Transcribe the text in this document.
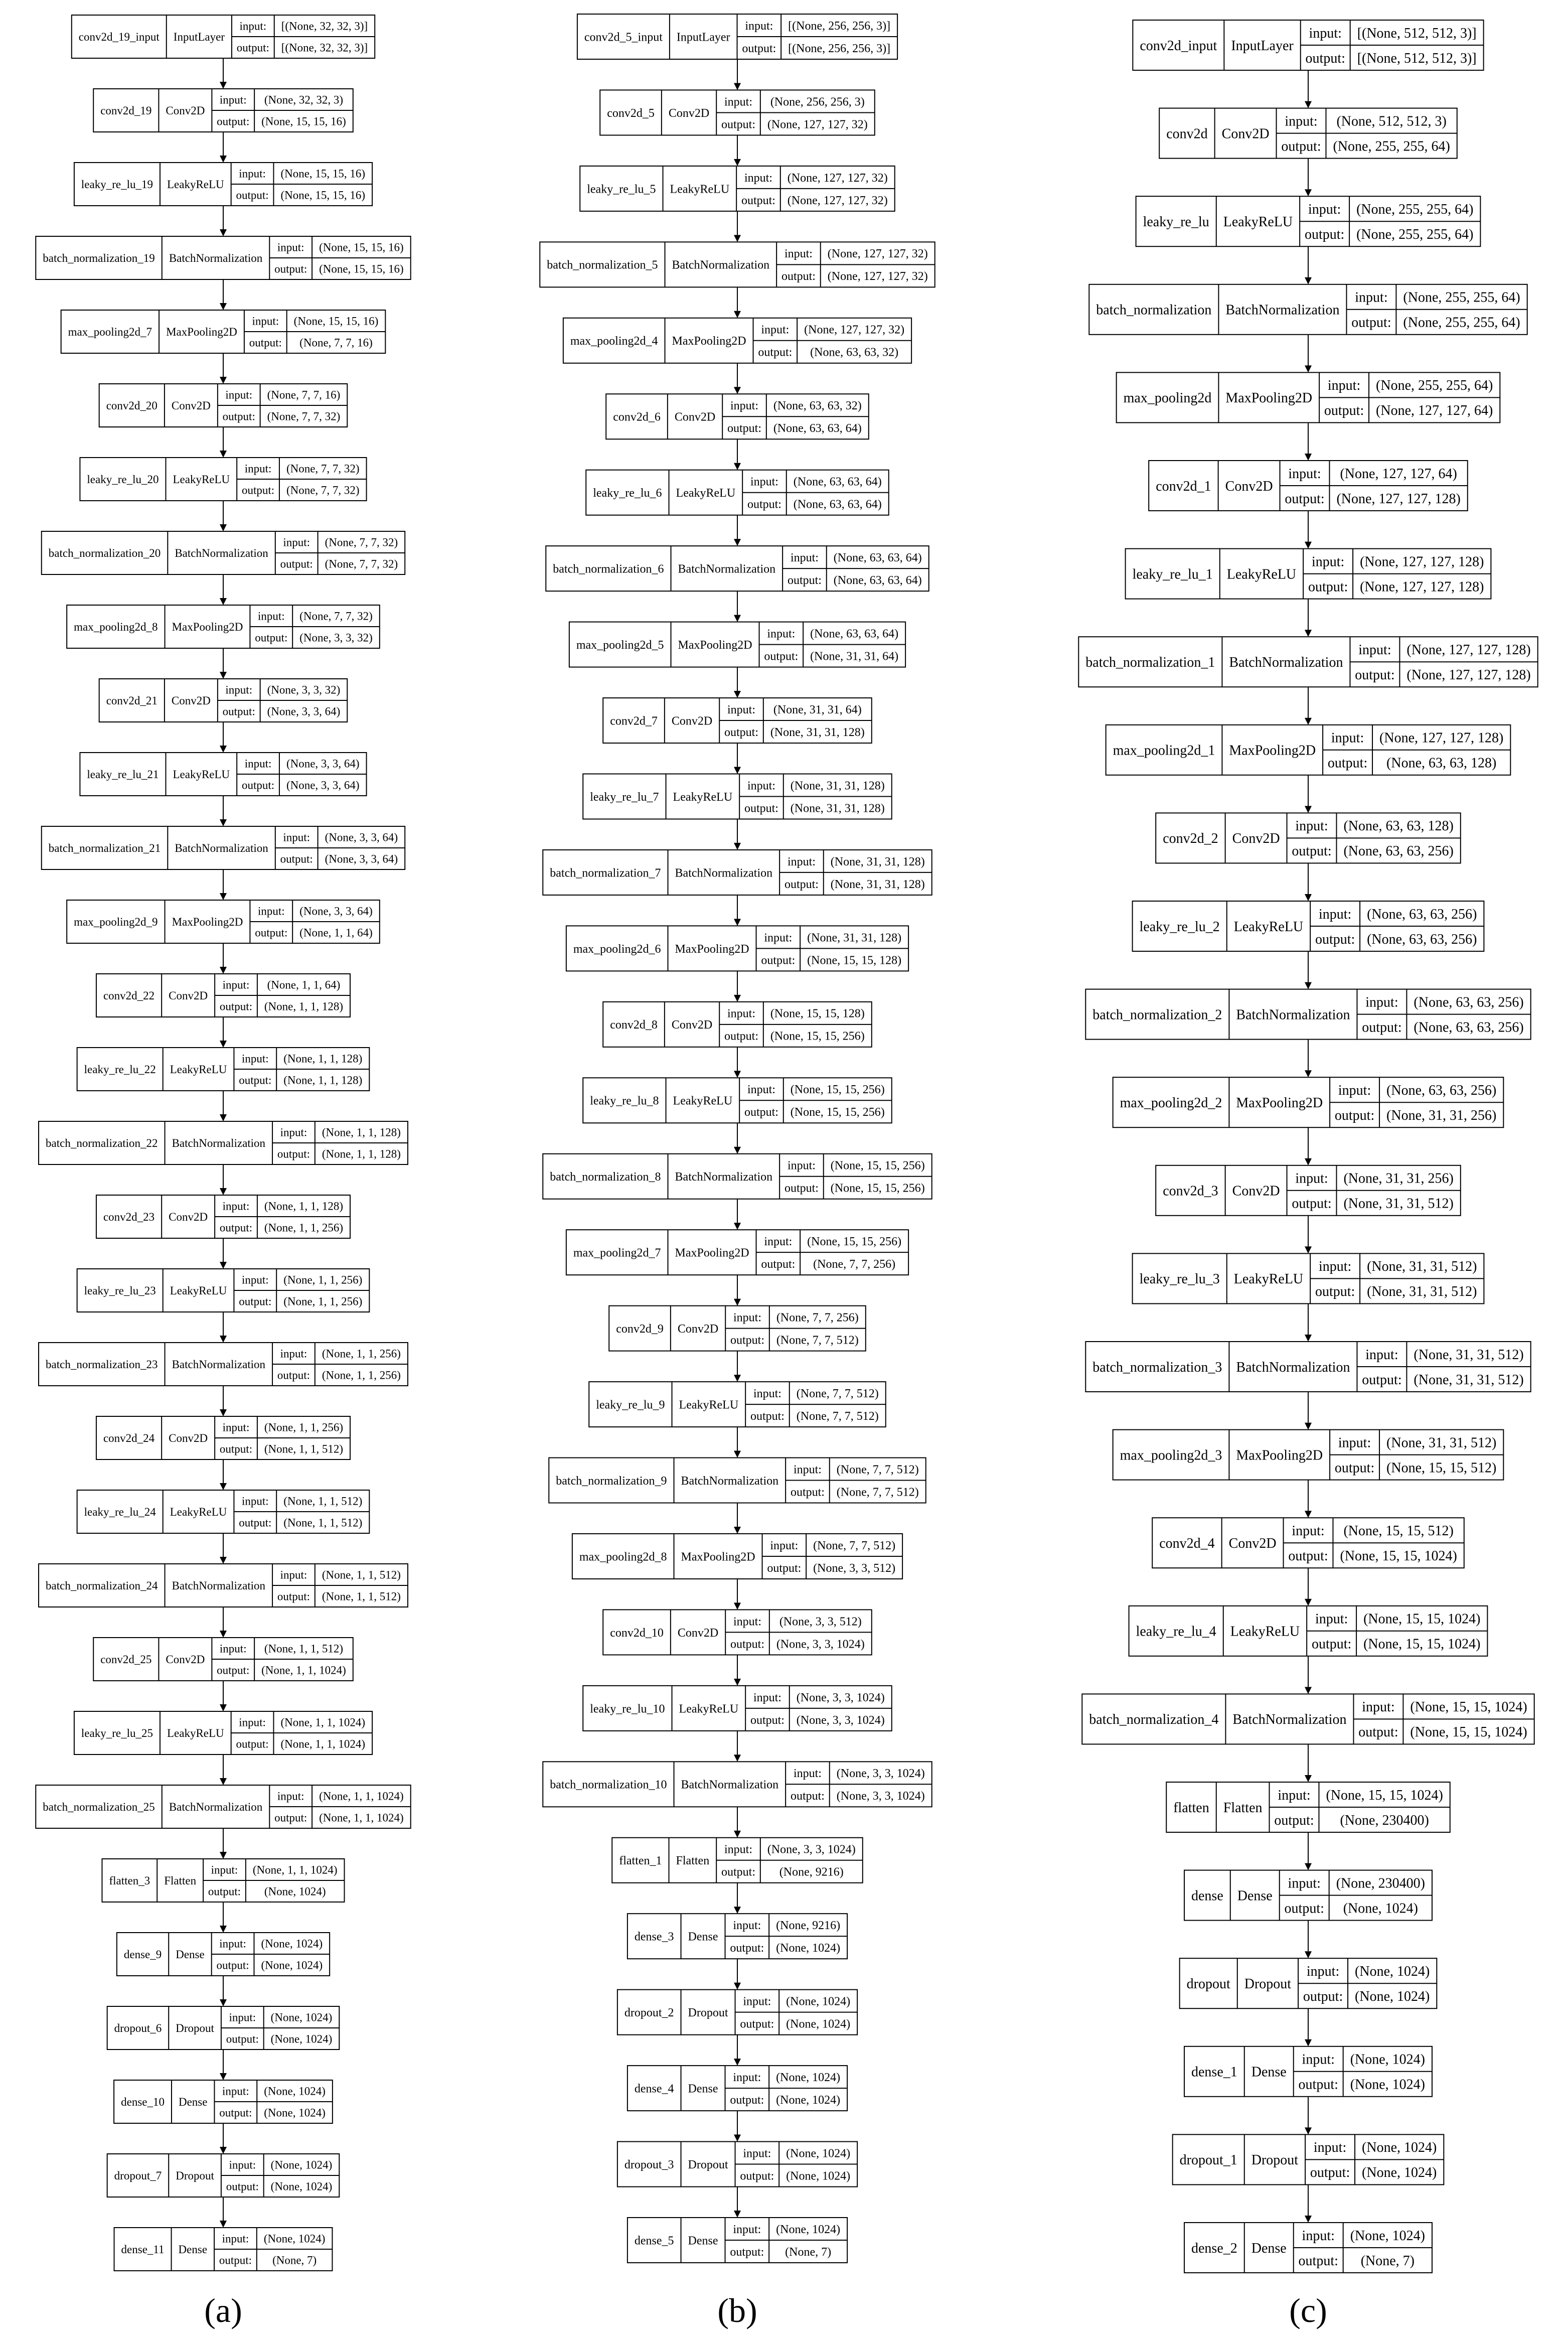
conv2d_19_input InputLayer
input:
output:
[(None, 32, 32, 3)]
[(None, 32, 32, 3)]
conv2d_19 Conv2D
input:
output:
(None, 32, 32, 3)
(None, 15, 15, 16)
leaky_re_lu_19 LeakyReLU
input:
output:
(None, 15, 15, 16)
(None, 15, 15, 16)
batch_normalization_19 BatchNormalization
input:
output:
(None, 15, 15, 16)
(None, 15, 15, 16)
max_pooling2d_7 MaxPooling2D
input:
output:
(None, 15, 15, 16)
(None, 7, 7, 16)
conv2d_20 Conv2D
input:
output:
(None, 7, 7, 16)
(None, 7, 7, 32)
leaky_re_lu_20 LeakyReLU
input:
output:
(None, 7, 7, 32)
(None, 7, 7, 32)
batch_normalization_20 BatchNormalization
input:
output:
(None, 7, 7, 32)
(None, 7, 7, 32)
max_pooling2d_8 MaxPooling2D
input:
output:
(None, 7, 7, 32)
(None, 3, 3, 32)
conv2d_21 Conv2D
input:
output:
(None, 3, 3, 32)
(None, 3, 3, 64)
leaky_re_lu_21 LeakyReLU
input:
output:
(None, 3, 3, 64)
(None, 3, 3, 64)
batch_normalization_21 BatchNormalization
input:
output:
(None, 3, 3, 64)
(None, 3, 3, 64)
max_pooling2d_9 MaxPooling2D
input:
output:
(None, 3, 3, 64)
(None, 1, 1, 64)
conv2d_22 Conv2D
input:
output:
(None, 1, 1, 64)
(None, 1, 1, 128)
leaky_re_lu_22 LeakyReLU
input:
output:
(None, 1, 1, 128)
(None, 1, 1, 128)
batch_normalization_22 BatchNormalization
input:
output:
(None, 1, 1, 128)
(None, 1, 1, 128)
conv2d_23 Conv2D
input:
output:
(None, 1, 1, 128)
(None, 1, 1, 256)
leaky_re_lu_23 LeakyReLU
input:
output:
(None, 1, 1, 256)
(None, 1, 1, 256)
batch_normalization_23 BatchNormalization
input:
output:
(None, 1, 1, 256)
(None, 1, 1, 256)
conv2d_24 Conv2D
input:
output:
(None, 1, 1, 256)
(None, 1, 1, 512)
leaky_re_lu_24 LeakyReLU
input:
output:
(None, 1, 1, 512)
(None, 1, 1, 512)
batch_normalization_24 BatchNormalization
input:
output:
(None, 1, 1, 512)
(None, 1, 1, 512)
conv2d_25 Conv2D
input:
output:
(None, 1, 1, 512)
(None, 1, 1, 1024)
leaky_re_lu_25 LeakyReLU
input:
output:
(None, 1, 1, 1024)
(None, 1, 1, 1024)
batch_normalization_25 BatchNormalization
input:
output:
(None, 1, 1, 1024)
(None, 1, 1, 1024)
flatten_3 Flatten
input:
output:
(None, 1, 1, 1024)
(None, 1024)
dense_9 Dense
input:
output:
(None, 1024)
(None, 1024)
dropout_6 Dropout
input:
output:
(None, 1024)
(None, 1024)
dense_10 Dense
input:
output:
(None, 1024)
(None, 1024)
dropout_7 Dropout
input:
output:
(None, 1024)
(None, 1024)
dense_11 Dense
input:
output:
(None, 1024)
(None, 7)
(a)
conv2d_5_input InputLayer
input:
output:
[(None, 256, 256, 3)]
[(None, 256, 256, 3)]
conv2d_5 Conv2D
input:
output:
(None, 256, 256, 3)
(None, 127, 127, 32)
leaky_re_lu_5 LeakyReLU
input:
output:
(None, 127, 127, 32)
(None, 127, 127, 32)
batch_normalization_5 BatchNormalization
input:
output:
(None, 127, 127, 32)
(None, 127, 127, 32)
max_pooling2d_4 MaxPooling2D
input:
output:
(None, 127, 127, 32)
(None, 63, 63, 32)
conv2d_6 Conv2D
input:
output:
(None, 63, 63, 32)
(None, 63, 63, 64)
leaky_re_lu_6 LeakyReLU
input:
output:
(None, 63, 63, 64)
(None, 63, 63, 64)
batch_normalization_6 BatchNormalization
input:
output:
(None, 63, 63, 64)
(None, 63, 63, 64)
max_pooling2d_5 MaxPooling2D
input:
output:
(None, 63, 63, 64)
(None, 31, 31, 64)
conv2d_7 Conv2D
input:
output:
(None, 31, 31, 64)
(None, 31, 31, 128)
leaky_re_lu_7 LeakyReLU
input:
output:
(None, 31, 31, 128)
(None, 31, 31, 128)
batch_normalization_7 BatchNormalization
input:
output:
(None, 31, 31, 128)
(None, 31, 31, 128)
max_pooling2d_6 MaxPooling2D
input:
output:
(None, 31, 31, 128)
(None, 15, 15, 128)
conv2d_8 Conv2D
input:
output:
(None, 15, 15, 128)
(None, 15, 15, 256)
leaky_re_lu_8 LeakyReLU
input:
output:
(None, 15, 15, 256)
(None, 15, 15, 256)
batch_normalization_8 BatchNormalization
input:
output:
(None, 15, 15, 256)
(None, 15, 15, 256)
max_pooling2d_7 MaxPooling2D
input:
output:
(None, 15, 15, 256)
(None, 7, 7, 256)
conv2d_9 Conv2D
input:
output:
(None, 7, 7, 256)
(None, 7, 7, 512)
leaky_re_lu_9 LeakyReLU
input:
output:
(None, 7, 7, 512)
(None, 7, 7, 512)
batch_normalization_9 BatchNormalization
input:
output:
(None, 7, 7, 512)
(None, 7, 7, 512)
max_pooling2d_8 MaxPooling2D
input:
output:
(None, 7, 7, 512)
(None, 3, 3, 512)
conv2d_10 Conv2D
input:
output:
(None, 3, 3, 512)
(None, 3, 3, 1024)
leaky_re_lu_10 LeakyReLU
input:
output:
(None, 3, 3, 1024)
(None, 3, 3, 1024)
batch_normalization_10 BatchNormalization
input:
output:
(None, 3, 3, 1024)
(None, 3, 3, 1024)
flatten_1 Flatten
input:
output:
(None, 3, 3, 1024)
(None, 9216)
dense_3 Dense
input:
output:
(None, 9216)
(None, 1024)
dropout_2 Dropout
input:
output:
(None, 1024)
(None, 1024)
dense_4 Dense
input:
output:
(None, 1024)
(None, 1024)
dropout_3 Dropout
input:
output:
(None, 1024)
(None, 1024)
dense_5 Dense
input:
output:
(None, 1024)
(None, 7)
(b)
conv2d_input InputLayer
input:
output:
[(None, 512, 512, 3)]
[(None, 512, 512, 3)]
conv2d Conv2D
input:
output:
(None, 512, 512, 3)
(None, 255, 255, 64)
leaky_re_lu LeakyReLU
input:
output:
(None, 255, 255, 64)
(None, 255, 255, 64)
batch_normalization BatchNormalization
input:
output:
(None, 255, 255, 64)
(None, 255, 255, 64)
max_pooling2d MaxPooling2D
input:
output:
(None, 255, 255, 64)
(None, 127, 127, 64)
conv2d_1 Conv2D
input:
output:
(None, 127, 127, 64)
(None, 127, 127, 128)
leaky_re_lu_1 LeakyReLU
input:
output:
(None, 127, 127, 128)
(None, 127, 127, 128)
batch_normalization_1 BatchNormalization
input:
output:
(None, 127, 127, 128)
(None, 127, 127, 128)
max_pooling2d_1 MaxPooling2D
input:
output:
(None, 127, 127, 128)
(None, 63, 63, 128)
conv2d_2 Conv2D
input:
output:
(None, 63, 63, 128)
(None, 63, 63, 256)
leaky_re_lu_2 LeakyReLU
input:
output:
(None, 63, 63, 256)
(None, 63, 63, 256)
batch_normalization_2 BatchNormalization
input:
output:
(None, 63, 63, 256)
(None, 63, 63, 256)
max_pooling2d_2 MaxPooling2D
input:
output:
(None, 63, 63, 256)
(None, 31, 31, 256)
conv2d_3 Conv2D
input:
output:
(None, 31, 31, 256)
(None, 31, 31, 512)
leaky_re_lu_3 LeakyReLU
input:
output:
(None, 31, 31, 512)
(None, 31, 31, 512)
batch_normalization_3 BatchNormalization
input:
output:
(None, 31, 31, 512)
(None, 31, 31, 512)
max_pooling2d_3 MaxPooling2D
input:
output:
(None, 31, 31, 512)
(None, 15, 15, 512)
conv2d_4 Conv2D
input:
output:
(None, 15, 15, 512)
(None, 15, 15, 1024)
leaky_re_lu_4 LeakyReLU
input:
output:
(None, 15, 15, 1024)
(None, 15, 15, 1024)
batch_normalization_4 BatchNormalization
input:
output:
(None, 15, 15, 1024)
(None, 15, 15, 1024)
flatten Flatten
input:
output:
(None, 15, 15, 1024)
(None, 230400)
dense Dense
input:
output:
(None, 230400)
(None, 1024)
dropout Dropout
input:
output:
(None, 1024)
(None, 1024)
dense_1 Dense
input:
output:
(None, 1024)
(None, 1024)
dropout_1 Dropout
input:
output:
(None, 1024)
(None, 1024)
dense_2 Dense
input:
output:
(None, 1024)
(None, 7)
(c)
